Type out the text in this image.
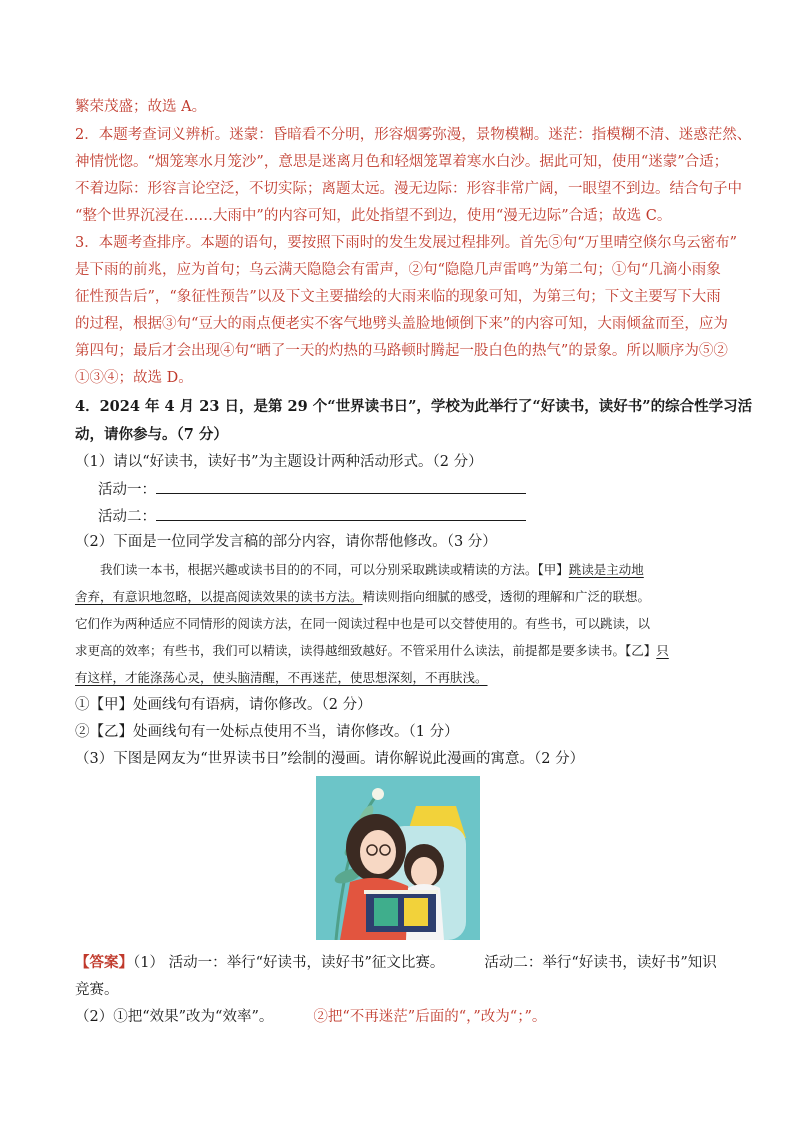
繁荣茂盛；故选 A。
2．本题考查词义辨析。迷蒙：昏暗看不分明，形容烟雾弥漫，景物模糊。迷茫：指模糊不清、迷惑茫然、
神情恍惚。“烟笼寒水月笼沙”，意思是迷离月色和轻烟笼罩着寒水白沙。据此可知，使用“迷蒙”合适；
不着边际：形容言论空泛，不切实际；离题太远。漫无边际：形容非常广阔，一眼望不到边。结合句子中
“整个世界沉浸在……大雨中”的内容可知，此处指望不到边，使用“漫无边际”合适；故选 C。
3．本题考查排序。本题的语句，要按照下雨时的发生发展过程排列。首先⑤句“万里晴空倏尔乌云密布”
是下雨的前兆，应为首句；乌云满天隐隐会有雷声，②句“隐隐几声雷鸣”为第二句；①句“几滴小雨象
征性预告后”，“象征性预告”以及下文主要描绘的大雨来临的现象可知，为第三句；下文主要写下大雨
的过程，根据③句“豆大的雨点便老实不客气地劈头盖脸地倾倒下来”的内容可知，大雨倾盆而至，应为
第四句；最后才会出现④句“晒了一天的灼热的马路顿时腾起一股白色的热气”的景象。所以顺序为⑤②
①③④；故选 D。
4．2024 年 4 月 23 日，是第 29 个“世界读书日”，学校为此举行了“好读书，读好书”的综合性学习活
动，请你参与。（7 分）
（1）请以“好读书，读好书”为主题设计两种活动形式。（2 分）
活动一：
活动二：
（2）下面是一位同学发言稿的部分内容，请你帮他修改。（3 分）
我们读一本书，根据兴趣或读书目的的不同，可以分别采取跳读或精读的方法。【甲】跳读是主动地
舍弃，有意识地忽略，以提高阅读效果的读书方法。精读则指向细腻的感受，透彻的理解和广泛的联想。
它们作为两种适应不同情形的阅读方法，在同一阅读过程中也是可以交替使用的。有些书，可以跳读，以
求更高的效率；有些书，我们可以精读，读得越细致越好。不管采用什么读法，前提都是要多读书。【乙】只
有这样，才能涤荡心灵，使头脑清醒，不再迷茫，使思想深刻，不再肤浅。
①【甲】处画线句有语病，请你修改。（2 分）
②【乙】处画线句有一处标点使用不当，请你修改。（1 分）
（3）下图是网友为“世界读书日”绘制的漫画。请你解说此漫画的寓意。（2 分）
【答案】（1） 活动一：举行“好读书，读好书”征文比赛。	活动二：举行“好读书，读好书”知识
竞赛。
（2）①把“效果”改为“效率”。	②把“不再迷茫”后面的“，”改为“；”。
